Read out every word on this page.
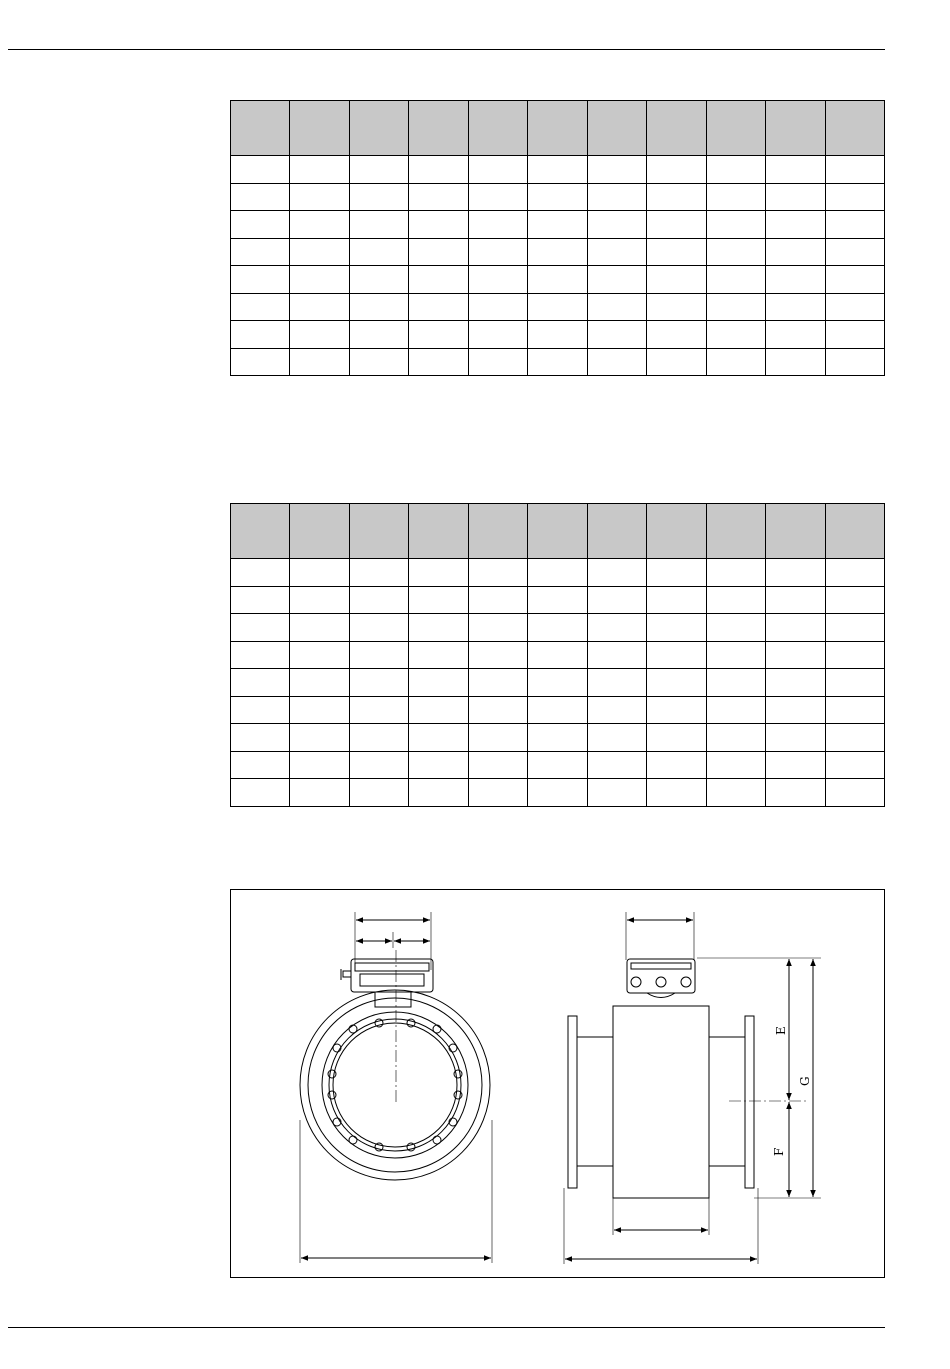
E
F
G
